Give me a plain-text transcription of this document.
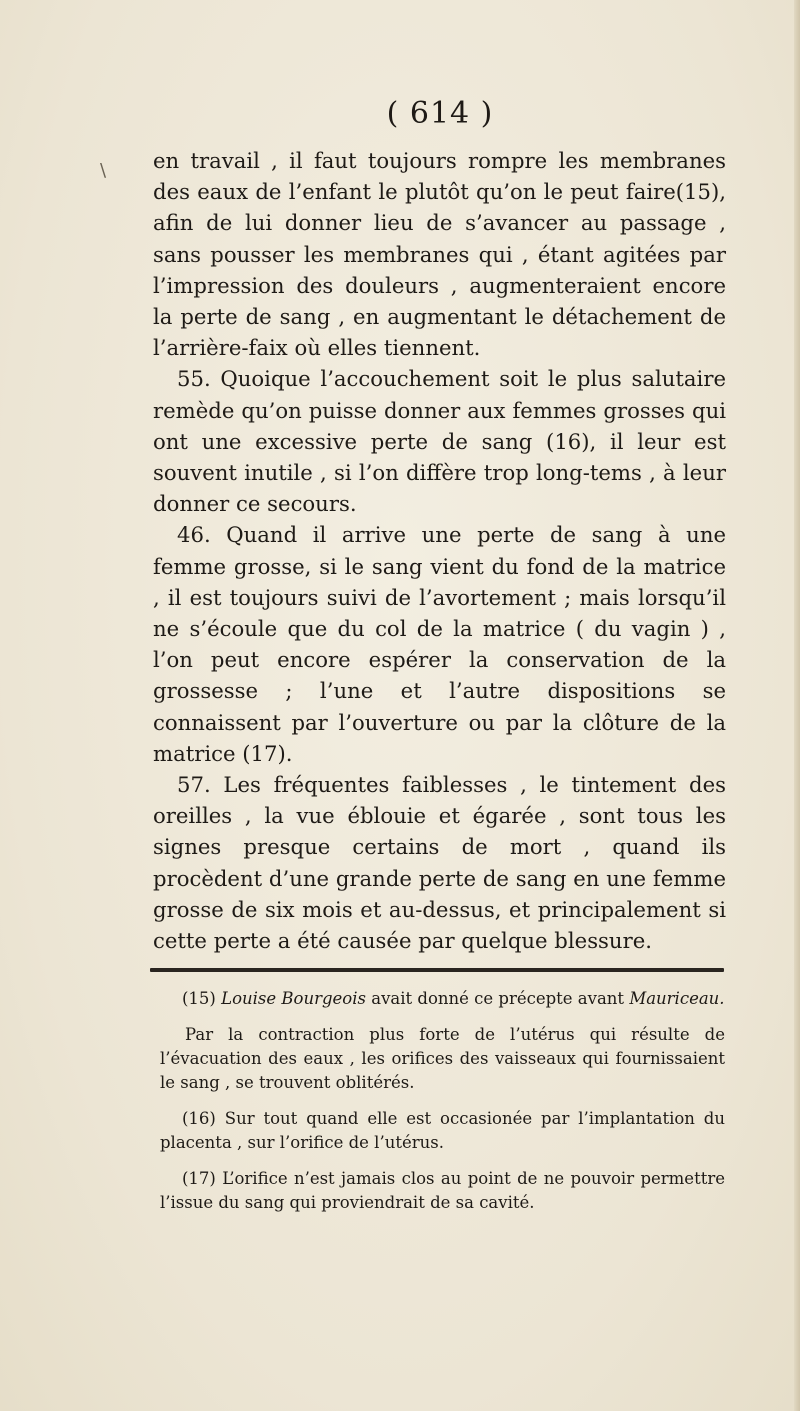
\
( 614 )

en travail , il faut toujours rompre les membranes des eaux de l’enfant le plutôt qu’on le peut faire(15), afin de lui donner lieu de s’avancer au passage , sans pousser les membranes qui , étant agitées par l’impression des douleurs , augmenteraient encore la perte de sang , en augmentant le détachement de l’arrière-faix où elles tiennent.

55. Quoique l’accouchement soit le plus salutaire remède qu’on puisse donner aux femmes grosses qui ont une excessive perte de sang (16), il leur est souvent inutile , si l’on diffère trop long-tems , à leur donner ce secours.

46. Quand il arrive une perte de sang à une femme grosse, si le sang vient du fond de la matrice , il est toujours suivi de l’avortement ; mais lorsqu’il ne s’écoule que du col de la matrice ( du vagin ) , l’on peut encore espérer la conservation de la grossesse ; l’une et l’autre dispositions se connaissent par l’ouverture ou par la clôture de la matrice (17).

57. Les fréquentes faiblesses , le tintement des oreilles , la vue éblouie et égarée , sont tous les signes presque certains de mort , quand ils procèdent d’une grande perte de sang en une femme grosse de six mois et au-dessus, et principalement si cette perte a été causée par quelque blessure.

(15) Louise Bourgeois avait donné ce précepte avant Mauriceau.

Par la contraction plus forte de l’utérus qui résulte de l’évacuation des eaux , les orifices des vaisseaux qui fournissaient le sang , se trouvent oblitérés.

(16) Sur tout quand elle est occasionée par l’implantation du placenta , sur l’orifice de l’utérus.

(17) L’orifice n’est jamais clos au point de ne pouvoir permettre l’issue du sang qui proviendrait de sa cavité.
